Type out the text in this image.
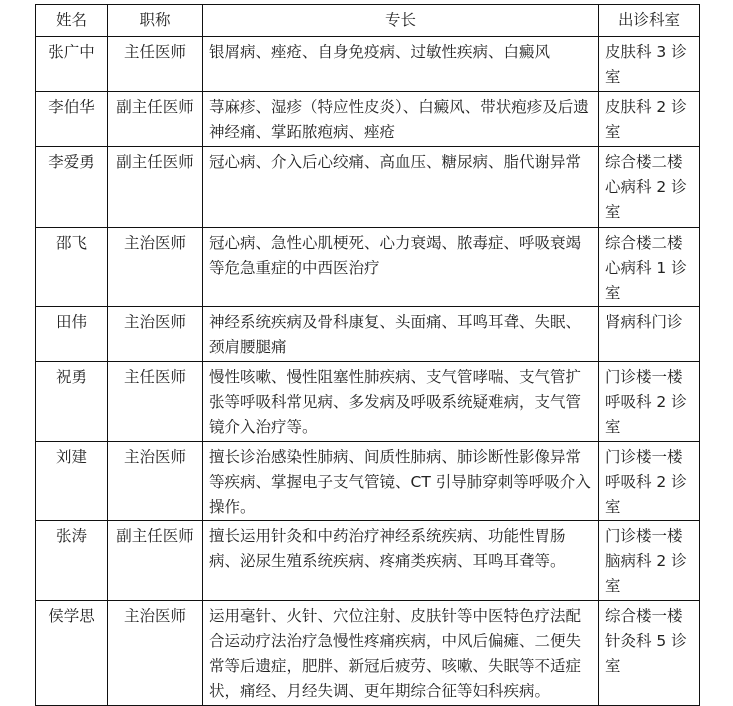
姓名	职称	专长	出诊科室
张广中	主任医师	银屑病、痤疮、自身免疫病、过敏性疾病、白癜风	皮肤科 3 诊室
李伯华	副主任医师	荨麻疹、湿疹（特应性皮炎）、白癜风、带状疱疹及后遗神经痛、掌跖脓疱病、痤疮	皮肤科 2 诊室
李爱勇	副主任医师	冠心病、介入后心绞痛、高血压、糖尿病、脂代谢异常	综合楼二楼心病科 2 诊室
邵飞	主治医师	冠心病、急性心肌梗死、心力衰竭、脓毒症、呼吸衰竭等危急重症的中西医治疗	综合楼二楼心病科 1 诊室
田伟	主治医师	神经系统疾病及骨科康复、头面痛、耳鸣耳聋、失眠、颈肩腰腿痛	肾病科门诊
祝勇	主任医师	慢性咳嗽、慢性阻塞性肺疾病、支气管哮喘、支气管扩张等呼吸科常见病、多发病及呼吸系统疑难病，支气管镜介入治疗等。	门诊楼一楼呼吸科 2 诊室
刘建	主治医师	擅长诊治感染性肺病、间质性肺病、肺诊断性影像异常等疾病、掌握电子支气管镜、CT 引导肺穿刺等呼吸介入操作。	门诊楼一楼呼吸科 2 诊室
张涛	副主任医师	擅长运用针灸和中药治疗神经系统疾病、功能性胃肠病、泌尿生殖系统疾病、疼痛类疾病、耳鸣耳聋等。	门诊楼一楼脑病科 2 诊室
侯学思	主治医师	运用毫针、火针、穴位注射、皮肤针等中医特色疗法配合运动疗法治疗急慢性疼痛疾病，中风后偏瘫、二便失常等后遗症，肥胖、新冠后疲劳、咳嗽、失眠等不适症状，痛经、月经失调、更年期综合征等妇科疾病。	综合楼一楼针灸科 5 诊室
